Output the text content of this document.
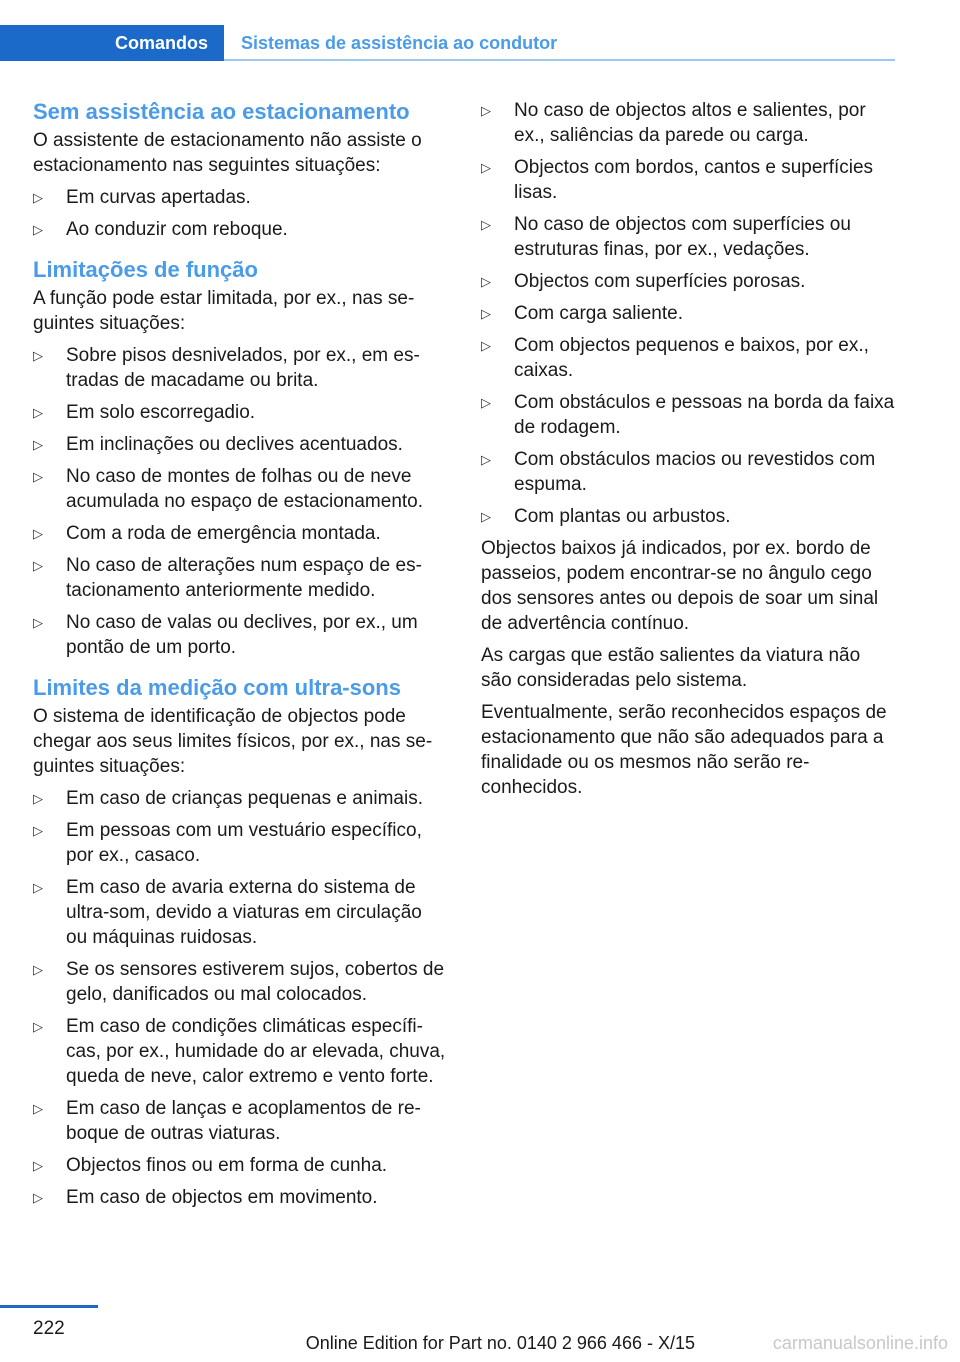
Comandos	Sistemas de assistência ao condutor
Sem assistência ao estacionamento

O assistente de estacionamento não assiste o estacionamento nas seguintes situações:

▷ Em curvas apertadas.
▷ Ao conduzir com reboque.
Limitações de função

A função pode estar limitada, por ex., nas se- guintes situações:

▷ Sobre pisos desnivelados, por ex., em es- tradas de macadame ou brita.
▷ Em solo escorregadio.
▷ Em inclinações ou declives acentuados.
▷ No caso de montes de folhas ou de neve acumulada no espaço de estacionamento.
▷ Com a roda de emergência montada.
▷ No caso de alterações num espaço de es- tacionamento anteriormente medido.
▷ No caso de valas ou declives, por ex., um pontão de um porto.
Limites da medição com ultra-sons

O sistema de identificação de objectos pode chegar aos seus limites físicos, por ex., nas se- guintes situações:

▷ Em caso de crianças pequenas e animais.
▷ Em pessoas com um vestuário específico, por ex., casaco.
▷ Em caso de avaria externa do sistema de ultra-som, devido a viaturas em circulação ou máquinas ruidosas.
▷ Se os sensores estiverem sujos, cobertos de gelo, danificados ou mal colocados.
▷ Em caso de condições climáticas específi- cas, por ex., humidade do ar elevada, chuva, queda de neve, calor extremo e vento forte.
▷ Em caso de lanças e acoplamentos de re- boque de outras viaturas.
▷ Objectos finos ou em forma de cunha.
▷ Em caso de objectos em movimento.
▷ No caso de objectos altos e salientes, por ex., saliências da parede ou carga.
▷ Objectos com bordos, cantos e superfícies lisas.
▷ No caso de objectos com superfícies ou estruturas finas, por ex., vedações.
▷ Objectos com superfícies porosas.
▷ Com carga saliente.
▷ Com objectos pequenos e baixos, por ex., caixas.
▷ Com obstáculos e pessoas na borda da faixa de rodagem.
▷ Com obstáculos macios ou revestidos com espuma.
▷ Com plantas ou arbustos.

Objectos baixos já indicados, por ex. bordo de passeios, podem encontrar-se no ângulo cego dos sensores antes ou depois de soar um sinal de advertência contínuo.

As cargas que estão salientes da viatura não são consideradas pelo sistema.

Eventualmente, serão reconhecidos espaços de estacionamento que não são adequados para a finalidade ou os mesmos não serão re- conhecidos.

222
Online Edition for Part no. 0140 2 966 466 - X/15	carmanualsonline.info
